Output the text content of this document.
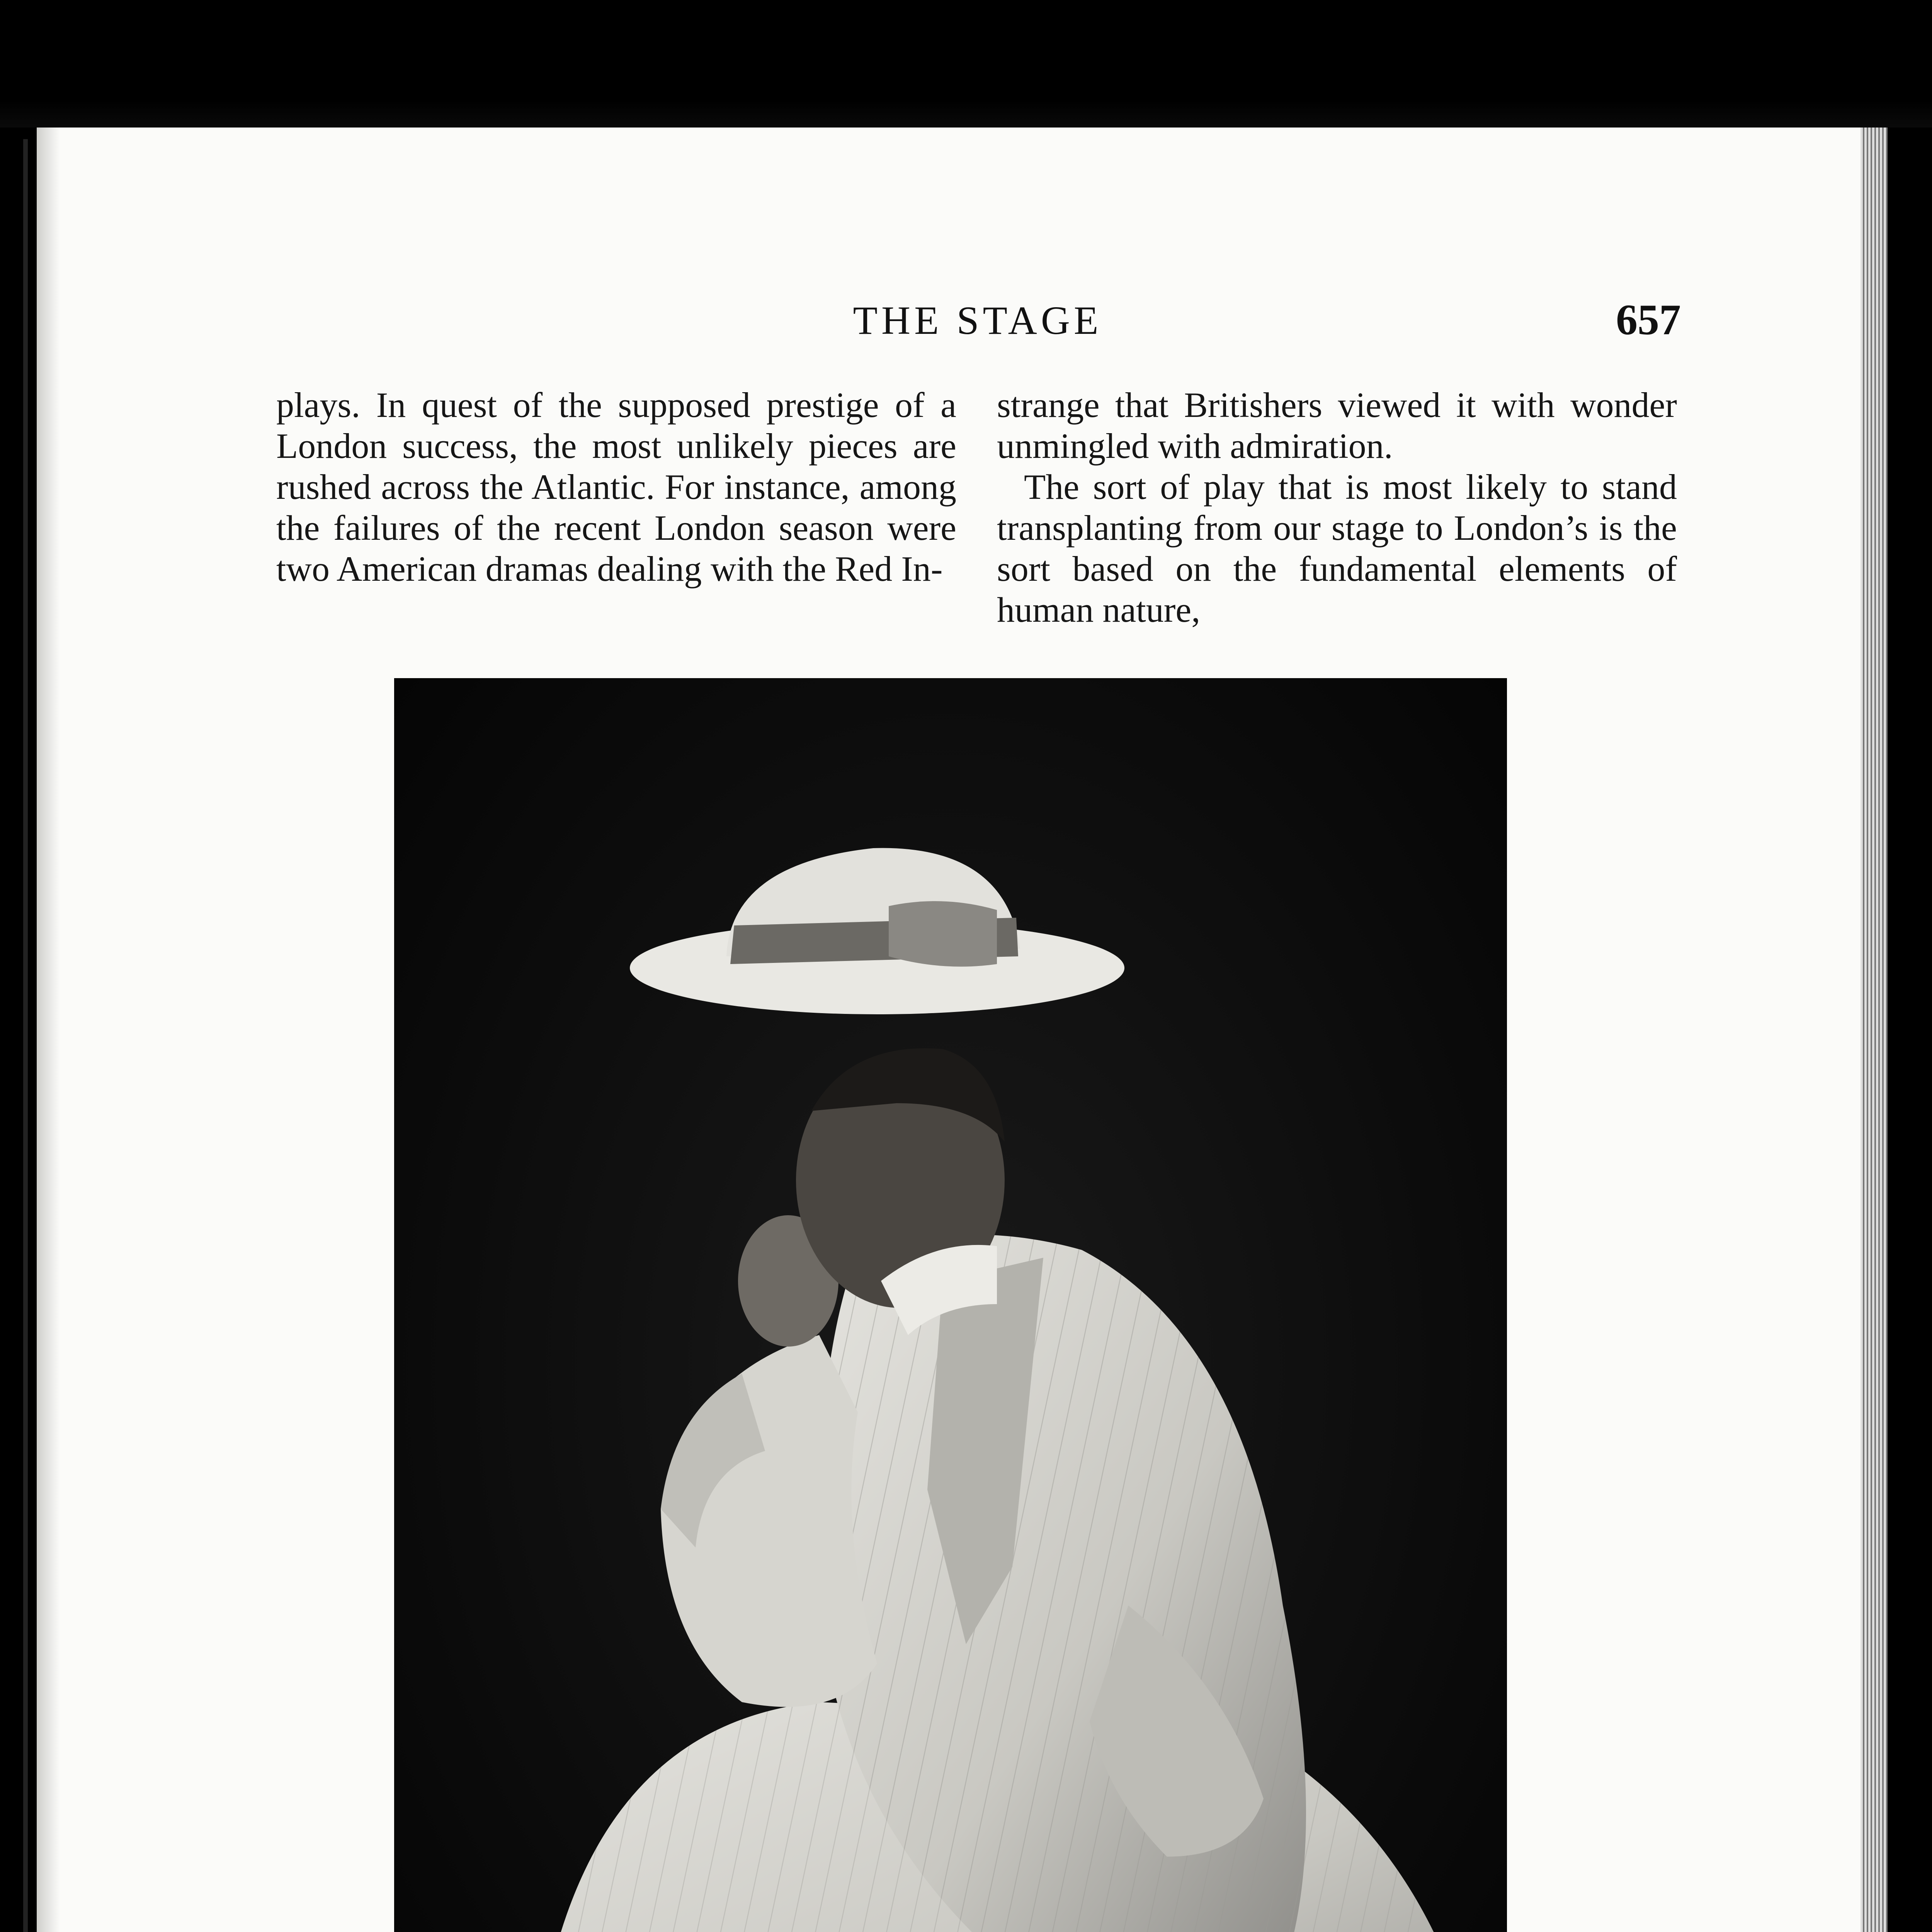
THE STAGE	657

plays. In quest of the supposed prestige of a London success, the most unlikely pieces are rushed across the Atlantic. For instance, among the failures of the recent London season were two American dramas dealing with the Red In-

strange that Britishers viewed it with wonder unmingled with admiration.

The sort of play that is most likely to stand transplanting from our stage to London’s is the sort based on the fundamental elements of human nature,
